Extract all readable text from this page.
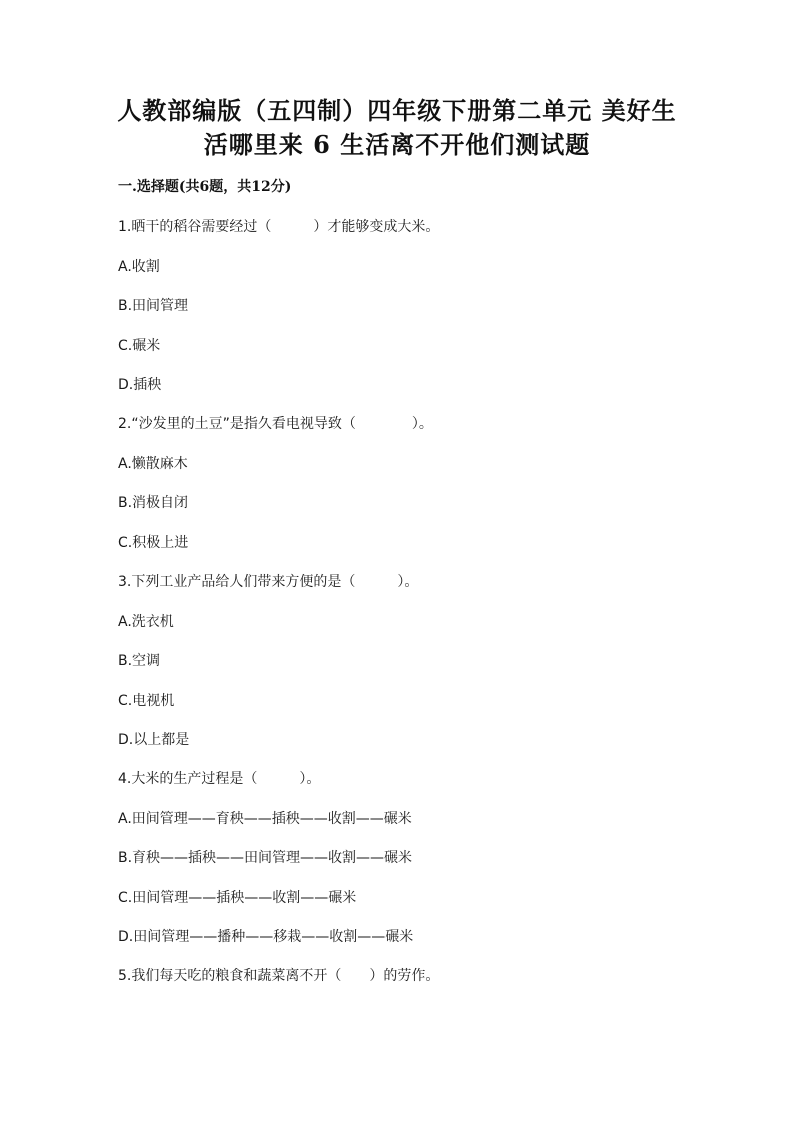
人教部编版（五四制）四年级下册第二单元 美好生
活哪里来 6 生活离不开他们测试题
一.选择题(共6题，共12分)
1.晒干的稻谷需要经过（　　　）才能够变成大米。
A.收割
B.田间管理
C.碾米
D.插秧
2.“沙发里的土豆”是指久看电视导致（　　　　）。
A.懒散麻木
B.消极自闭
C.积极上进
3.下列工业产品给人们带来方便的是（　　　）。
A.洗衣机
B.空调
C.电视机
D.以上都是
4.大米的生产过程是（　　　）。
A.田间管理——育秧——插秧——收割——碾米
B.育秧——插秧——田间管理——收割——碾米
C.田间管理——插秧——收割——碾米
D.田间管理——播种——移栽——收割——碾米
5.我们每天吃的粮食和蔬菜离不开（　　）的劳作。
